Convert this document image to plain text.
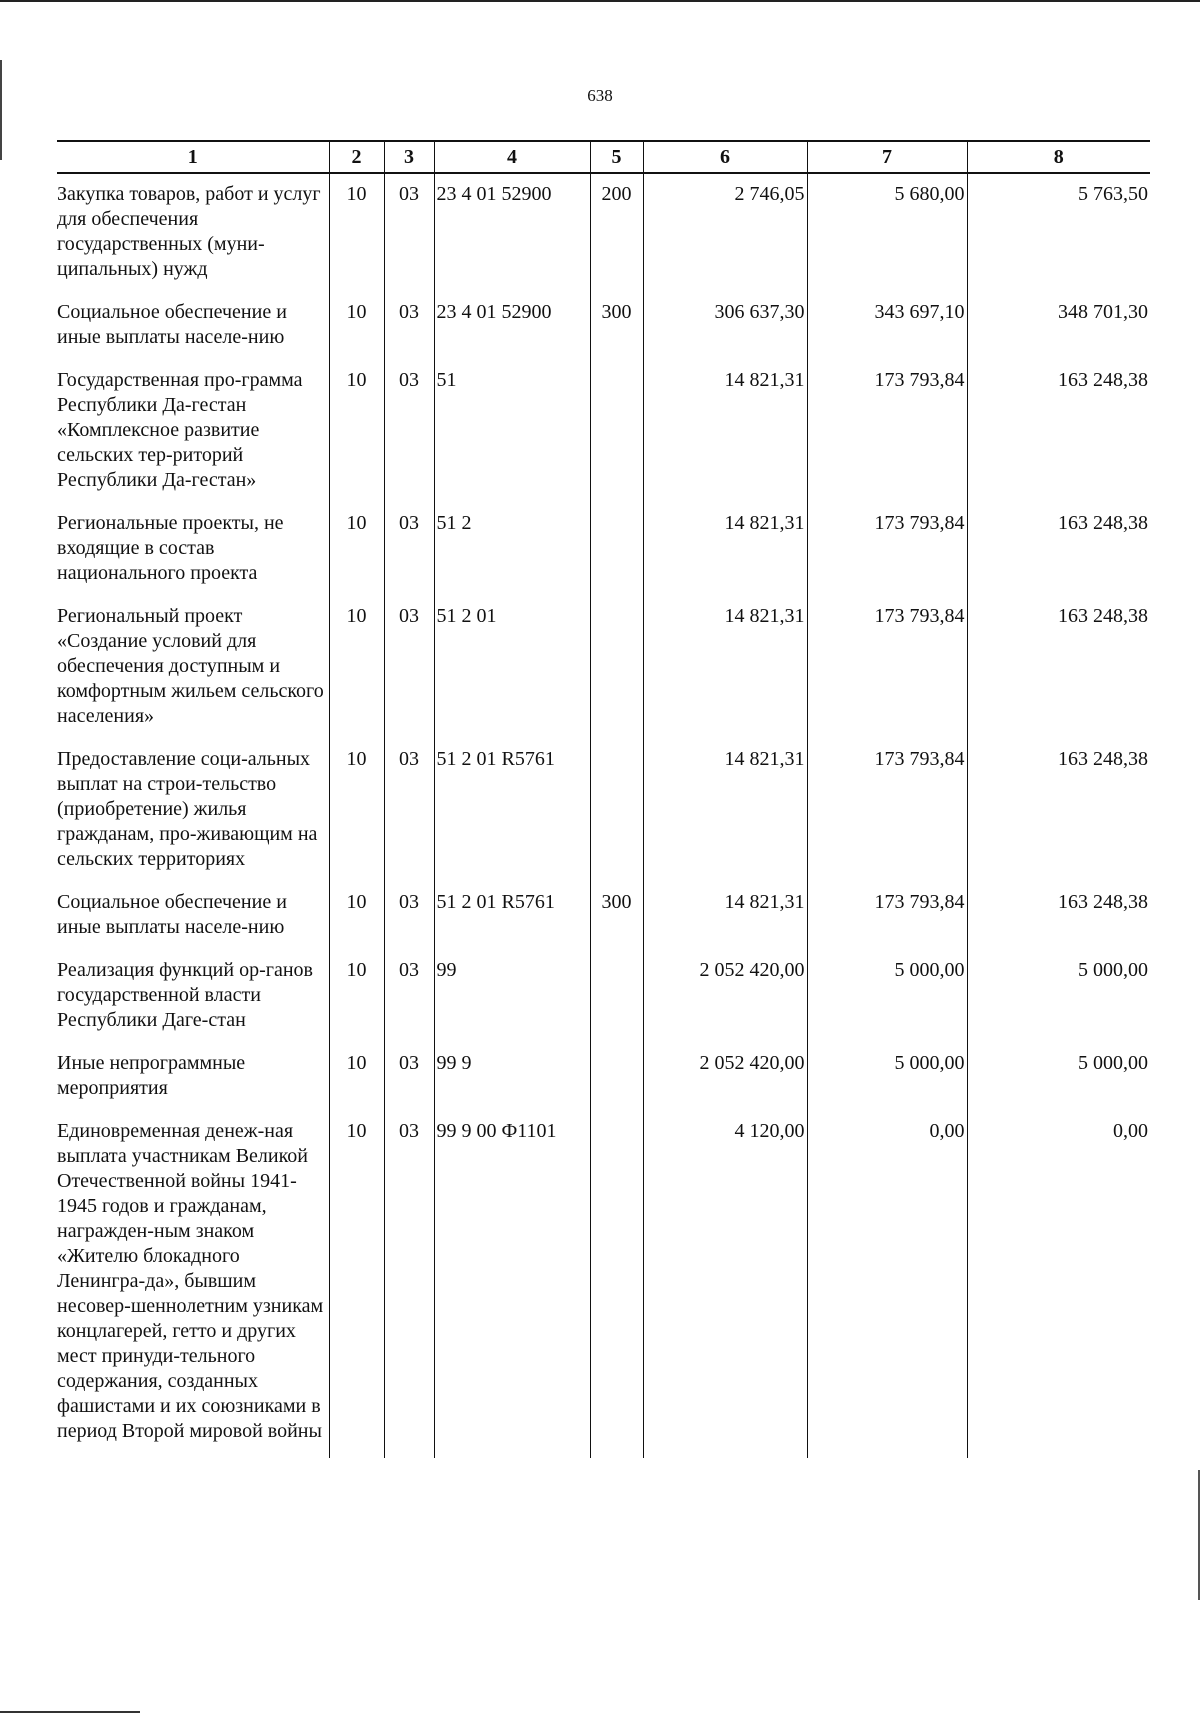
638
1	2	3	4	5	6	7	8
Закупка товаров, работ и услуг для обеспечения государственных (муни-ципальных) нужд	10	03	23 4 01 52900	200	2 746,05	5 680,00	5 763,50
Социальное обеспечение и иные выплаты населе-нию	10	03	23 4 01 52900	300	306 637,30	343 697,10	348 701,30
Государственная про-грамма Республики Да-гестан «Комплексное развитие сельских тер-риторий Республики Да-гестан»	10	03	51		14 821,31	173 793,84	163 248,38
Региональные проекты, не входящие в состав национального проекта	10	03	51 2		14 821,31	173 793,84	163 248,38
Региональный проект «Создание условий для обеспечения доступным и комфортным жильем сельского населения»	10	03	51 2 01		14 821,31	173 793,84	163 248,38
Предоставление соци-альных выплат на строи-тельство (приобретение) жилья гражданам, про-живающим на сельских территориях	10	03	51 2 01 R5761		14 821,31	173 793,84	163 248,38
Социальное обеспечение и иные выплаты населе-нию	10	03	51 2 01 R5761	300	14 821,31	173 793,84	163 248,38
Реализация функций ор-ганов государственной власти Республики Даге-стан	10	03	99		2 052 420,00	5 000,00	5 000,00
Иные непрограммные мероприятия	10	03	99 9		2 052 420,00	5 000,00	5 000,00
Единовременная денеж-ная выплата участникам Великой Отечественной войны 1941-1945 годов и гражданам, награжден-ным знаком «Жителю блокадного Ленингра-да», бывшим несовер-шеннолетним узникам концлагерей, гетто и других мест принуди-тельного содержания, созданных фашистами и их союзниками в период Второй мировой войны	10	03	99 9 00 Ф1101		4 120,00	0,00	0,00
